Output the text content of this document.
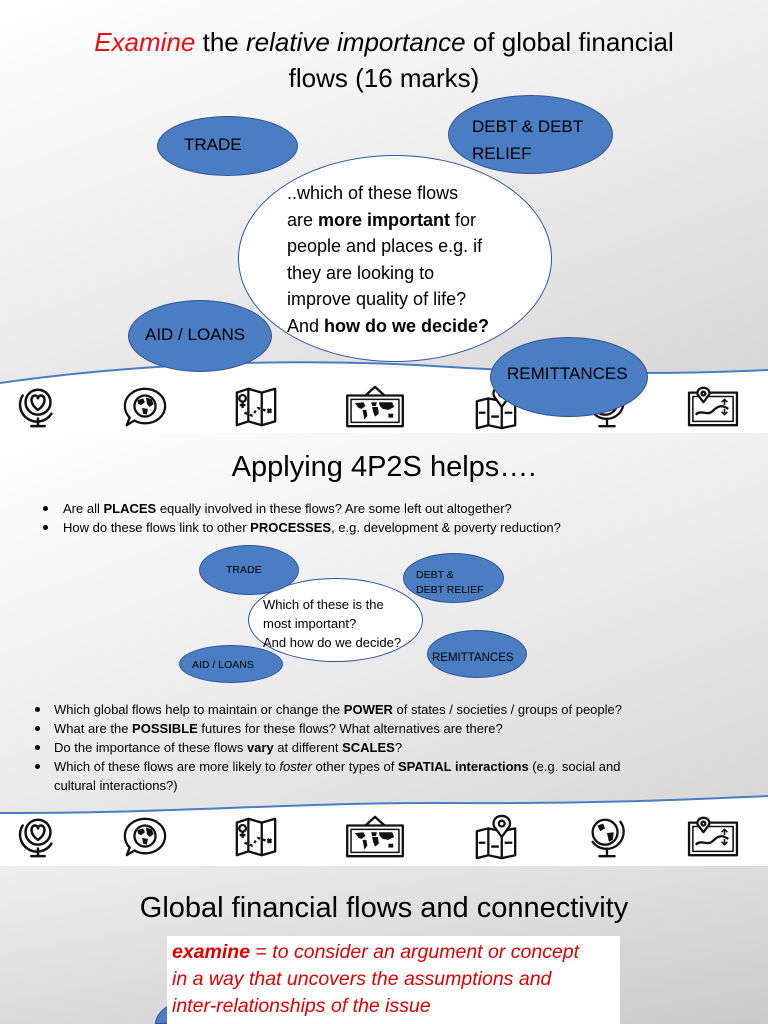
Examine the relative importance of global financial
flows (16 marks)
..which of these flows
are more important for
people and places e.g. if
they are looking to
improve quality of life?
And how do we decide?
TRADE
DEBT & DEBT
RELIEF
AID / LOANS
REMITTANCES
Applying 4P2S helps….
Are all PLACES equally involved in these flows? Are some left out altogether?
How do these flows link to other PROCESSES, e.g. development & poverty reduction?
Which of these is the
most important?
And how do we decide?
TRADE	DEBT &
DEBT RELIEF
REMITTANCES
AID / LOANS
Which global flows help to maintain or change the POWER of states / societies / groups of people?
What are the POSSIBLE futures for these flows? What alternatives are there?
Do the importance of these flows vary at different SCALES?
Which of these flows are more likely to foster other types of SPATIAL interactions (e.g. social and
cultural interactions?)
Global financial flows and connectivity
examine = to consider an argument or concept
in a way that uncovers the assumptions and
inter-relationships of the issue
